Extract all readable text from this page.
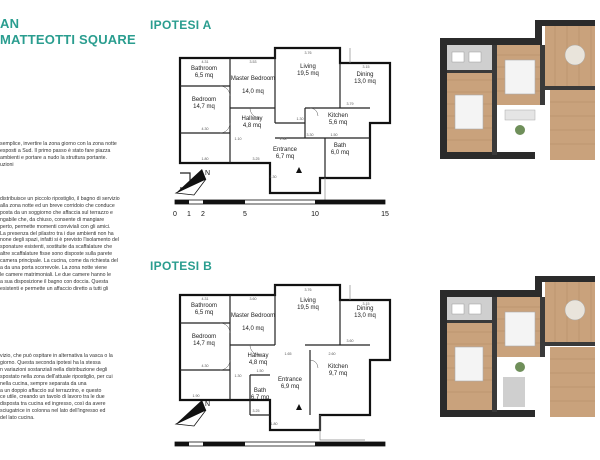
AN
MATTEOTTI SQUARE
semplice, invertire la zona giorno con la zona notte
esposti a Sud. Il primo passo è stato fare piazza
ambienti e portare a nudo la struttura portante.
uzioni
distribuisce un piccolo ripostiglio, il bagno di servizio
alla zona notte ed un breve corridoio che conduce
posta da un soggiorno che affaccia sul terrazzo e
ngabile che, da chiuso, consente di mangiare
perto, permette momenti conviviali con gli amici.
La presenza del pilastro tra i due ambienti non ha
none degli spazi, infatti si è previsto l'isolamento del
sponature esistenti, sostituite da scaffalature che
altre scaffalature fisse sono disposte sulla parete
camera principale. La cucina, come da richiesta del
a da una porta scorrevole. La zona notte viene
le camere matrimoniali. Le due camere hanno le
a sua disposizione il bagno con doccia. Questa
esistenti e permette un affaccio diretto a tutti gli
vizio, che può ospitare in alternativa la vasca o la
giorno. Questa seconda ipotesi ha la stessa
n variazioni sostanziali nella distribuzione degli
spostato nella zona dell'attuale ripostiglio, per cui
nella cucina, sempre separata da una
a un doppio affaccio sul terrazzino, e questo
ce utile, creando un tavolo di lavoro tra le due
disposta tra cucina ed ingresso, così da avere
sciugatrice in colonna nel lato dell'ingresso ed
del lato cucina.
IPOTESI A
IPOTESI B
Bathroom
6,5 mq
Bedroom
14,7 mq
Master Bedroom
14,0 mq
Living
19,5 mq	Dining
13,0 mq
Hallway
4,8 mq
Kitchen
5,6 mq
Entrance
6,7 mq
Bath
6,0 mq
4.31	3.53
3.76
3.15
4.30
1.30
3.79
1.10	1.38
3.30	1.50
3.25
1.30
1.80
N
0 1 2	5	10	15
Bathroom
6,5 mq
Bedroom
14,7 mq
Master Bedroom
14,0 mq
Living
19,5 mq	Dining
13,0 mq
Hallway
4,8 mq
Kitchen
9,7 mq
Entrance
6,9 mq
Bath
6,7 mq
4.31	3.60
3.76
3.15
4.30
1.30
1.65	2.60
3.60
1.50
3.25
1.90
1.80
N
